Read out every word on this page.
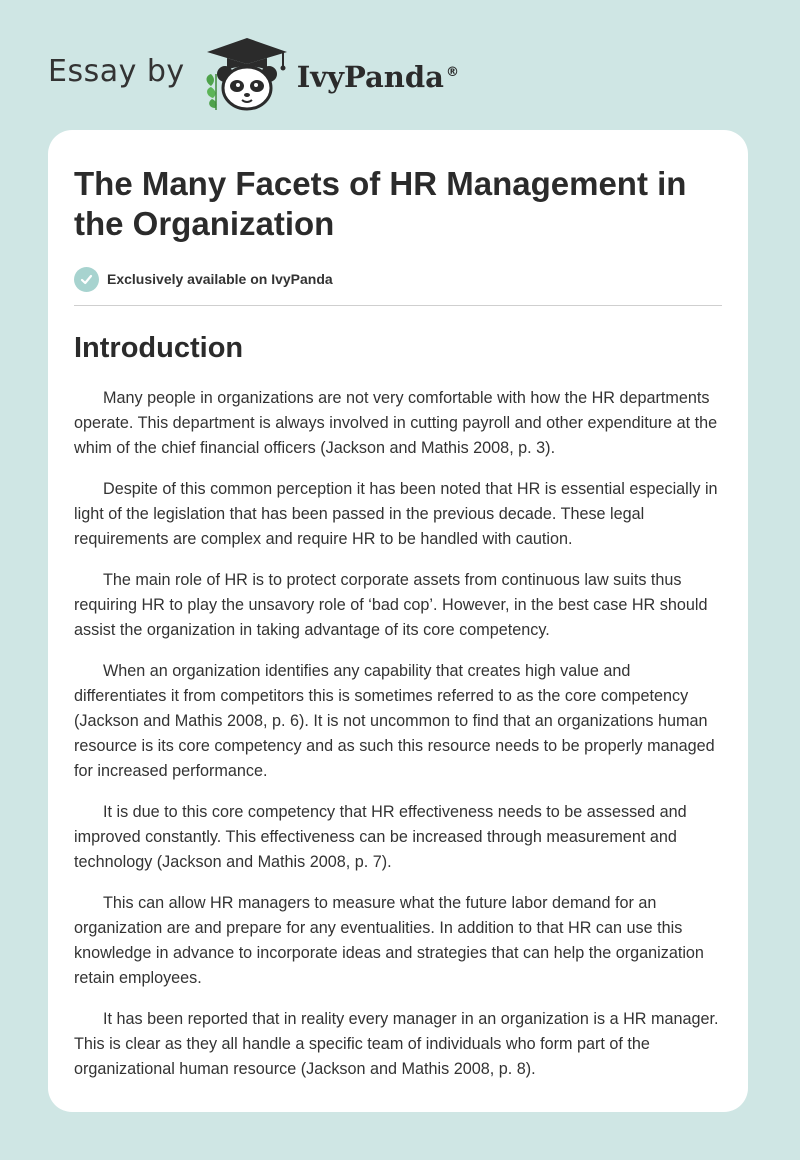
Essay by	IvyPanda ®
The Many Facets of HR Management in the Organization
Exclusively available on IvyPanda
Introduction

Many people in organizations are not very comfortable with how the HR departments operate. This department is always involved in cutting payroll and other expenditure at the whim of the chief financial officers (Jackson and Mathis 2008, p. 3).

Despite of this common perception it has been noted that HR is essential especially in light of the legislation that has been passed in the previous decade. These legal requirements are complex and require HR to be handled with caution.

The main role of HR is to protect corporate assets from continuous law suits thus requiring HR to play the unsavory role of ‘bad cop’. However, in the best case HR should assist the organization in taking advantage of its core competency.

When an organization identifies any capability that creates high value and differentiates it from competitors this is sometimes referred to as the core competency (Jackson and Mathis 2008, p. 6). It is not uncommon to find that an organizations human resource is its core competency and as such this resource needs to be properly managed for increased performance.

It is due to this core competency that HR effectiveness needs to be assessed and improved constantly. This effectiveness can be increased through measurement and technology (Jackson and Mathis 2008, p. 7).

This can allow HR managers to measure what the future labor demand for an organization are and prepare for any eventualities. In addition to that HR can use this knowledge in advance to incorporate ideas and strategies that can help the organization retain employees.

It has been reported that in reality every manager in an organization is a HR manager. This is clear as they all handle a specific team of individuals who form part of the organizational human resource (Jackson and Mathis 2008, p. 8).
